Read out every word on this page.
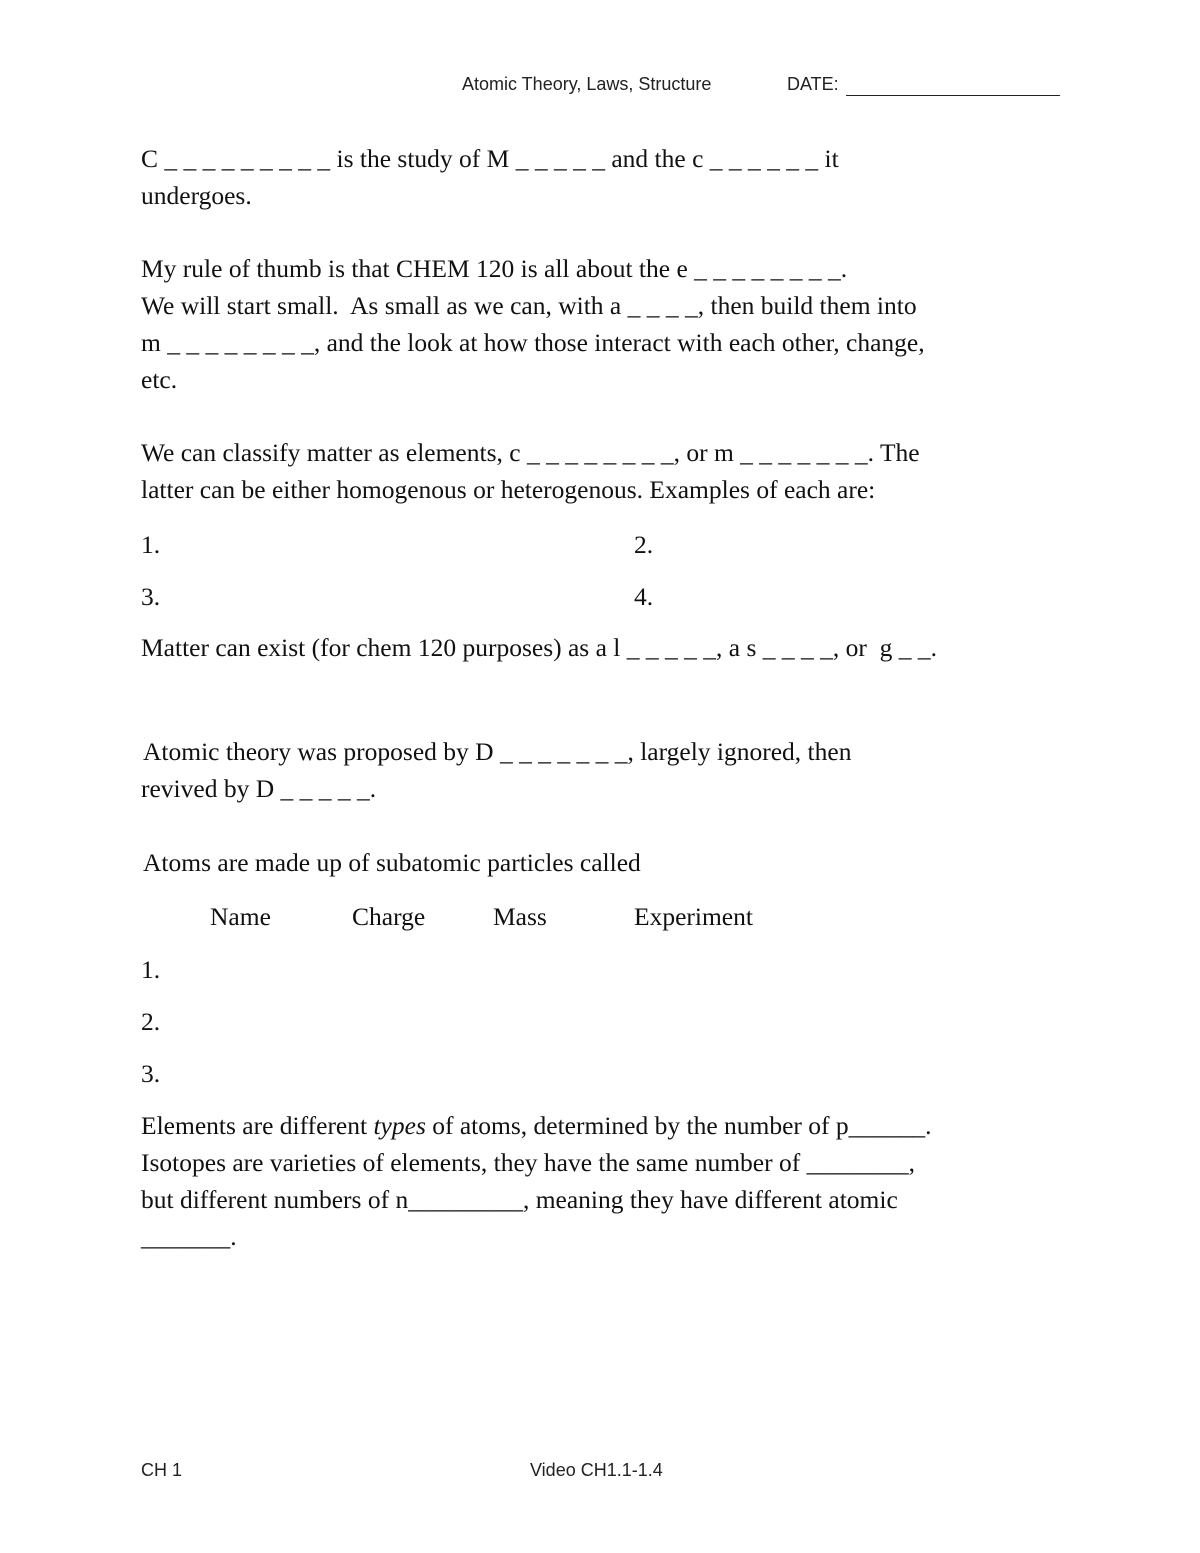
Atomic Theory, Laws, Structure	DATE:
C _ _ _ _ _ _ _ _ _ is the study of M _ _ _ _ _ and the c _ _ _ _ _ _ it
undergoes.
My rule of thumb is that CHEM 120 is all about the e _ _ _ _ _ _ _ _.
We will start small.  As small as we can, with a _ _ _ _, then build them into
m _ _ _ _ _ _ _ _, and the look at how those interact with each other, change,
etc.
We can classify matter as elements, c _ _ _ _ _ _ _ _, or m _ _ _ _ _ _ _. The
latter can be either homogenous or heterogenous. Examples of each are:
1.	2.
3.	4.
Matter can exist (for chem 120 purposes) as a l _ _ _ _ _, a s _ _ _ _, or  g _ _.
Atomic theory was proposed by D _ _ _ _ _ _ _, largely ignored, then
revived by D _ _ _ _ _.
Atoms are made up of subatomic particles called
Name	Charge	Mass	Experiment
1.
2.
3.
Elements are different types of atoms, determined by the number of p______.
Isotopes are varieties of elements, they have the same number of ________,
but different numbers of n_________, meaning they have different atomic
_______.
CH 1	Video CH1.1-1.4
